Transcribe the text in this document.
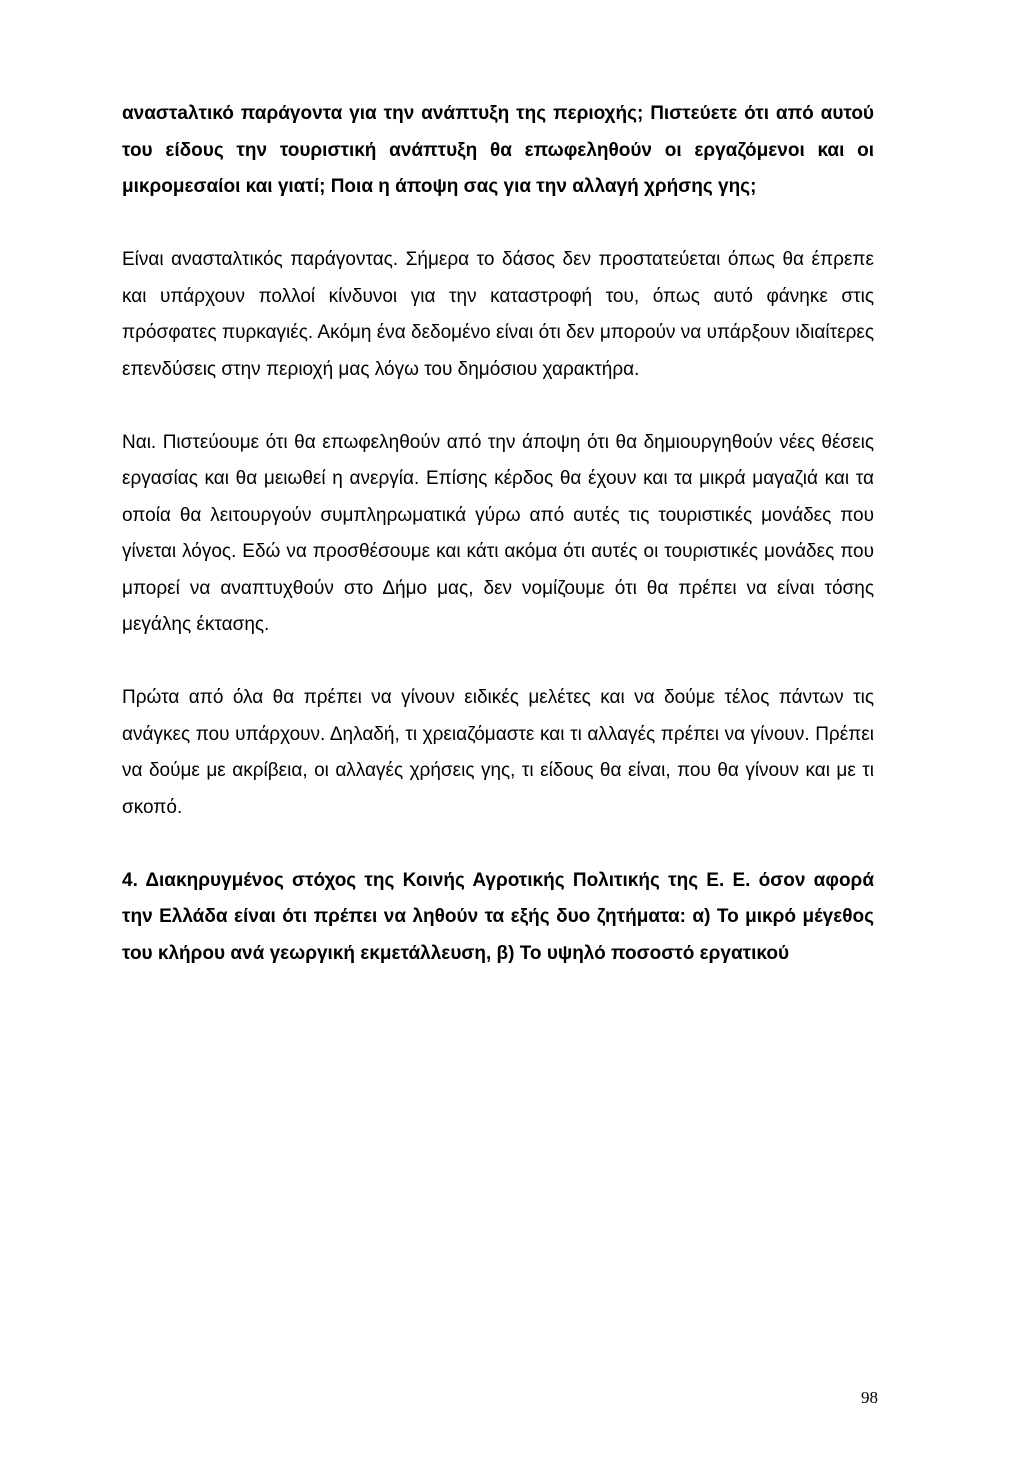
αναστaλτικό παράγοντα για την ανάπτυξη της περιοχής; Πιστεύετε ότι από αυτού του είδους την τουριστική ανάπτυξη θα επωφεληθούν οι εργαζόμενοι και οι μικρομεσαίοι και γιατί; Ποια η άποψη σας για την αλλαγή χρήσης γης;

Είναι ανασταλτικός παράγοντας. Σήμερα το δάσος δεν προστατεύεται όπως θα έπρεπε και υπάρχουν πολλοί κίνδυνοι για την καταστροφή του, όπως αυτό φάνηκε στις πρόσφατες πυρκαγιές. Ακόμη ένα δεδομένο είναι ότι δεν μπορούν να υπάρξουν ιδιαίτερες επενδύσεις στην περιοχή μας λόγω του δημόσιου χαρακτήρα.

Ναι. Πιστεύουμε ότι θα επωφεληθούν από την άποψη ότι θα δημιουργηθούν νέες θέσεις εργασίας και θα μειωθεί η ανεργία. Επίσης κέρδος θα έχουν και τα μικρά μαγαζιά και τα οποία θα λειτουργούν συμπληρωματικά γύρω από αυτές τις τουριστικές μονάδες που γίνεται λόγος. Εδώ να προσθέσουμε και κάτι ακόμα ότι αυτές οι τουριστικές μονάδες που μπορεί να αναπτυχθούν στο Δήμο μας, δεν νομίζουμε ότι θα πρέπει να είναι τόσης μεγάλης έκτασης.

Πρώτα από όλα θα πρέπει να γίνουν ειδικές μελέτες και να δούμε τέλος πάντων τις ανάγκες που υπάρχουν. Δηλαδή, τι χρειαζόμαστε και τι αλλαγές πρέπει να γίνουν. Πρέπει να δούμε με ακρίβεια, οι αλλαγές χρήσεις γης, τι είδους θα είναι, που θα γίνουν και με τι σκοπό.

4. Διακηρυγμένος στόχος της Κοινής Αγροτικής Πολιτικής της Ε. Ε. όσον αφορά την Ελλάδα είναι ότι πρέπει να ληθούν τα εξής δυο ζητήματα: α) Το μικρό μέγεθος του κλήρου ανά γεωργική εκμετάλλευση, β) Το υψηλό ποσοστό εργατικού

98
